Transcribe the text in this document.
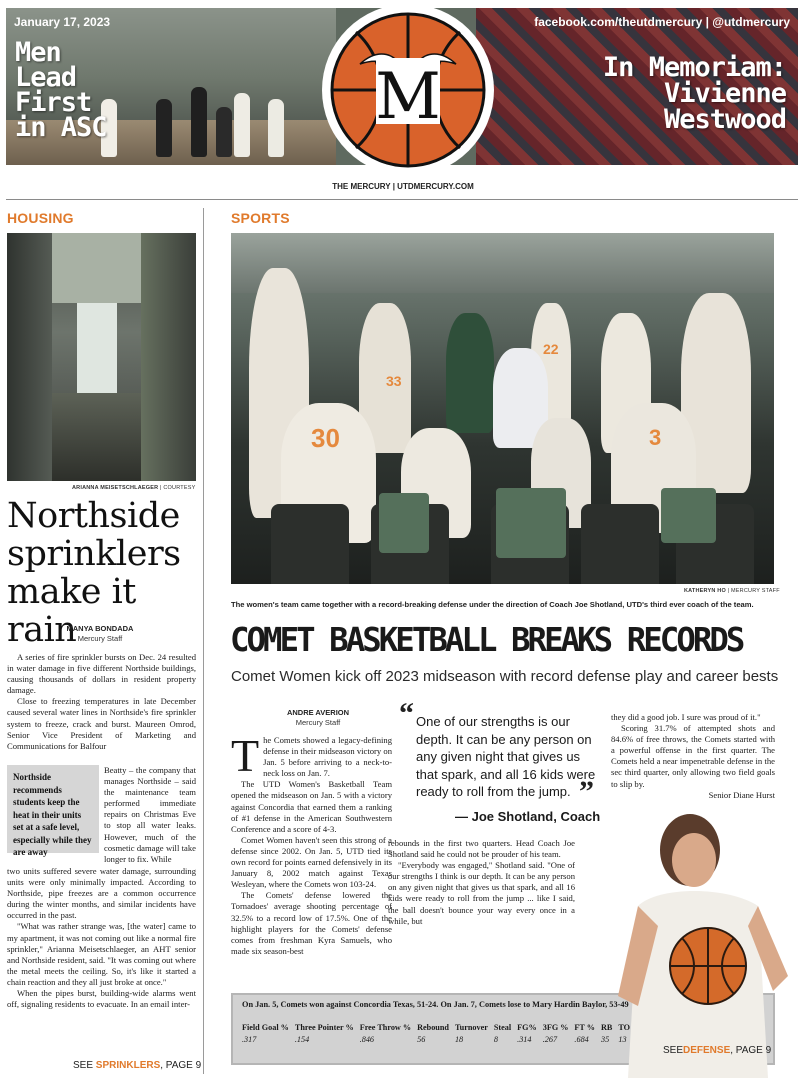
January 17, 2023	facebook.com/theutdmercury | @utdmercury
Men Lead First in ASC
In Memoriam: Vivienne Westwood
M
THE MERCURY | UTDMERCURY.COM
HOUSING
ARIANNA MEISETSCHLAEGER | COURTESY
Northside sprinklers make it rain
MANYA BONDADA
Mercury Staff

A series of fire sprinkler bursts on Dec. 24 resulted in water damage in five different Northside buildings, causing thousands of dollars in resident property damage.

Close to freezing temperatures in late December caused several water lines in Northside's fire sprinkler system to freeze, crack and burst. Maureen Omrod, Senior Vice President of Marketing and Communications for Balfour

Beatty – the company that manages Northside – said the maintenance team performed immediate repairs on Christmas Eve to stop all water leaks. However, much of the cosmetic damage will take longer to fix. While

Northside recommends students keep the heat in their units set at a safe level, especially while they are away

two units suffered severe water damage, surrounding units were only minimally impacted. According to Northside, pipe freezes are a common occurrence during the winter months, and similar incidents have occurred in the past.

"What was rather strange was, [the water] came to my apartment, it was not coming out like a normal fire sprinkler," Arianna Meisetschlaeger, an AHT senior and Northside resident, said. "It was coming out where the metal meets the ceiling. So, it's like it started a chain reaction and they all just broke at once."

When the pipes burst, building-wide alarms went off, signaling residents to evacuate. In an email inter-

SEE SPRINKLERS, PAGE 9
SPORTS
30	3
22
33
KATHERYN HO | MERCURY STAFF
The women's team came together with a record-breaking defense under the direction of Coach Joe Shotland, UTD's third ever coach of the team.
COMET BASKETBALL BREAKS RECORDS
Comet Women kick off 2023 midseason with record defense play and career bests
ANDRE AVERION
Mercury Staff

The Comets showed a legacy-defining defense in their midseason victory on Jan. 5 before arriving to a neck-to-neck loss on Jan. 7.

The UTD Women's Basketball Team opened the midseason on Jan. 5 with a victory against Concordia that earned them a ranking of #1 defense in the American Southwestern Conference and a score of 4-3.

Comet Women haven't seen this strong of a defense since 2002. On Jan. 5, UTD tied its own record for points earned defensively in its January 8, 2002 match against Texas Wesleyan, where the Comets won 103-24.

The Comets' defense lowered the Tornadoes' average shooting percentage of 32.5% to a record low of 17.5%. One of the highlight players for the Comets' defense comes from freshman Kyra Samuels, who made six season-best

“ One of our strengths is our depth. It can be any person on any given night that gives us that spark, and all 16 kids were ready to roll from the jump. ”
— Joe Shotland, Coach

rebounds in the first two quarters. Head Coach Joe Shotland said he could not be prouder of his team.

"Everybody was engaged," Shotland said. "One of our strengths I think is our depth. It can be any person on any given night that gives us that spark, and all 16 kids were ready to roll from the jump ... like I said, the ball doesn't bounce your way every once in a while, but

they did a good job. I sure was proud of it."

Scoring 31.7% of attempted shots and 84.6% of free throws, the Comets started with a powerful offense in the first quarter. The Comets held a near impenetrable defense in the sec third quarter, only allowing two field goals to slip by.

Senior Diane Hurst

On Jan. 5, Comets won against Concordia Texas, 51-24. On Jan. 7, Comets lose to Mary Hardin Baylor, 53-49
Field Goal %
.317
Three Pointer %
.154
Free Throw %
.846
Rebound
56
Turnover
18
Steal
8
FG%
.314
3FG %
.267
FT %
.684
RB
35
TO
13
SEEDEFENSE, PAGE 9
